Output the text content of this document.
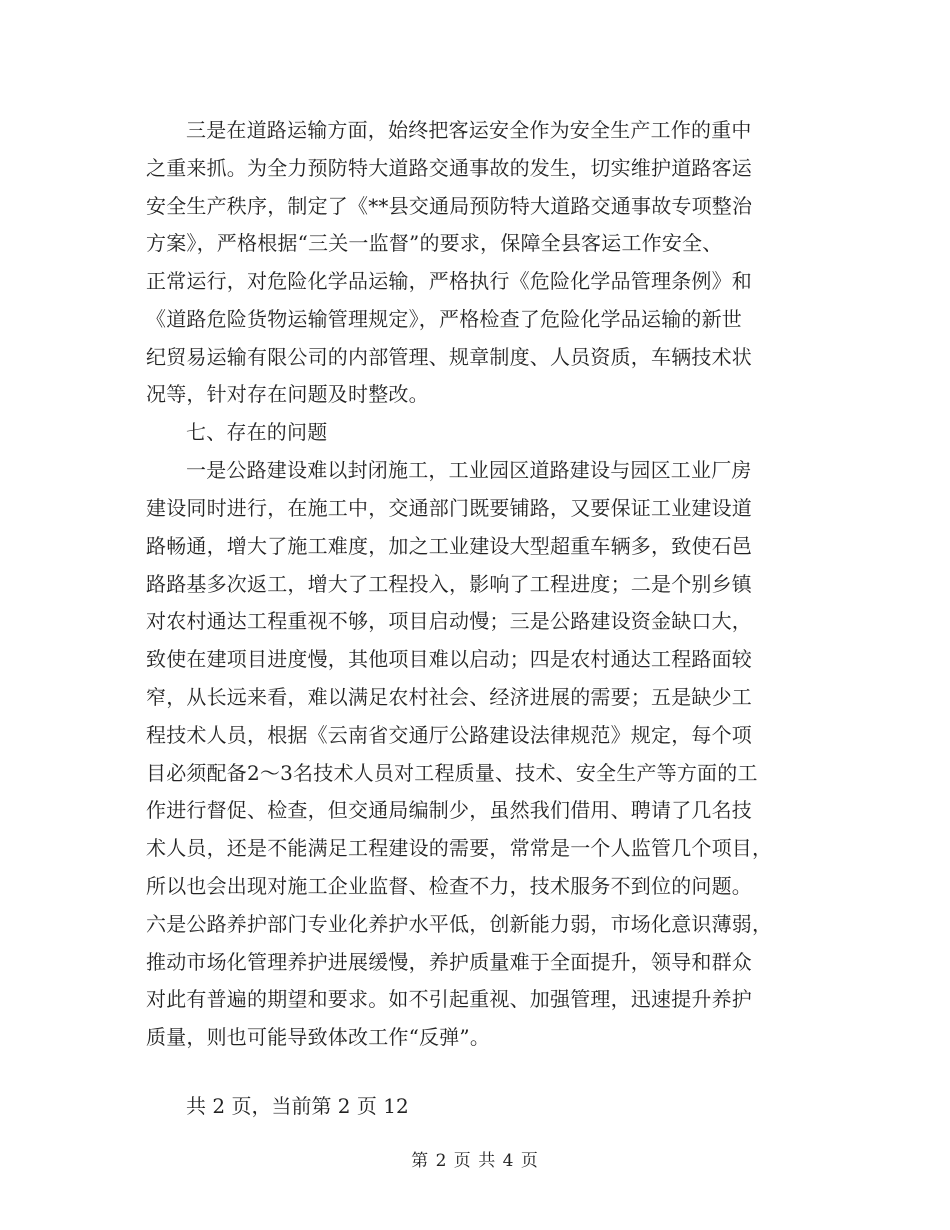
三是在道路运输方面，始终把客运安全作为安全生产工作的重中
之重来抓。为全力预防特大道路交通事故的发生，切实维护道路客运
安全生产秩序，制定了《**县交通局预防特大道路交通事故专项整治
方案》，严格根据“三关一监督”的要求，保障全县客运工作安全、
正常运行，对危险化学品运输，严格执行《危险化学品管理条例》和
《道路危险货物运输管理规定》，严格检查了危险化学品运输的新世
纪贸易运输有限公司的内部管理、规章制度、人员资质，车辆技术状
况等，针对存在问题及时整改。
七、存在的问题
一是公路建设难以封闭施工，工业园区道路建设与园区工业厂房
建设同时进行，在施工中，交通部门既要铺路，又要保证工业建设道
路畅通，增大了施工难度，加之工业建设大型超重车辆多，致使石邑
路路基多次返工，增大了工程投入，影响了工程进度；二是个别乡镇
对农村通达工程重视不够，项目启动慢；三是公路建设资金缺口大，
致使在建项目进度慢，其他项目难以启动；四是农村通达工程路面较
窄，从长远来看，难以满足农村社会、经济进展的需要；五是缺少工
程技术人员，根据《云南省交通厅公路建设法律规范》规定，每个项
目必须配备2～3名技术人员对工程质量、技术、安全生产等方面的工
作进行督促、检查，但交通局编制少，虽然我们借用、聘请了几名技
术人员，还是不能满足工程建设的需要，常常是一个人监管几个项目，
所以也会出现对施工企业监督、检查不力，技术服务不到位的问题。
六是公路养护部门专业化养护水平低，创新能力弱，市场化意识薄弱，
推动市场化管理养护进展缓慢，养护质量难于全面提升，领导和群众
对此有普遍的期望和要求。如不引起重视、加强管理，迅速提升养护
质量，则也可能导致体改工作“反弹”。
共 2 页，当前第 2 页 12
第 2 页 共 4 页
